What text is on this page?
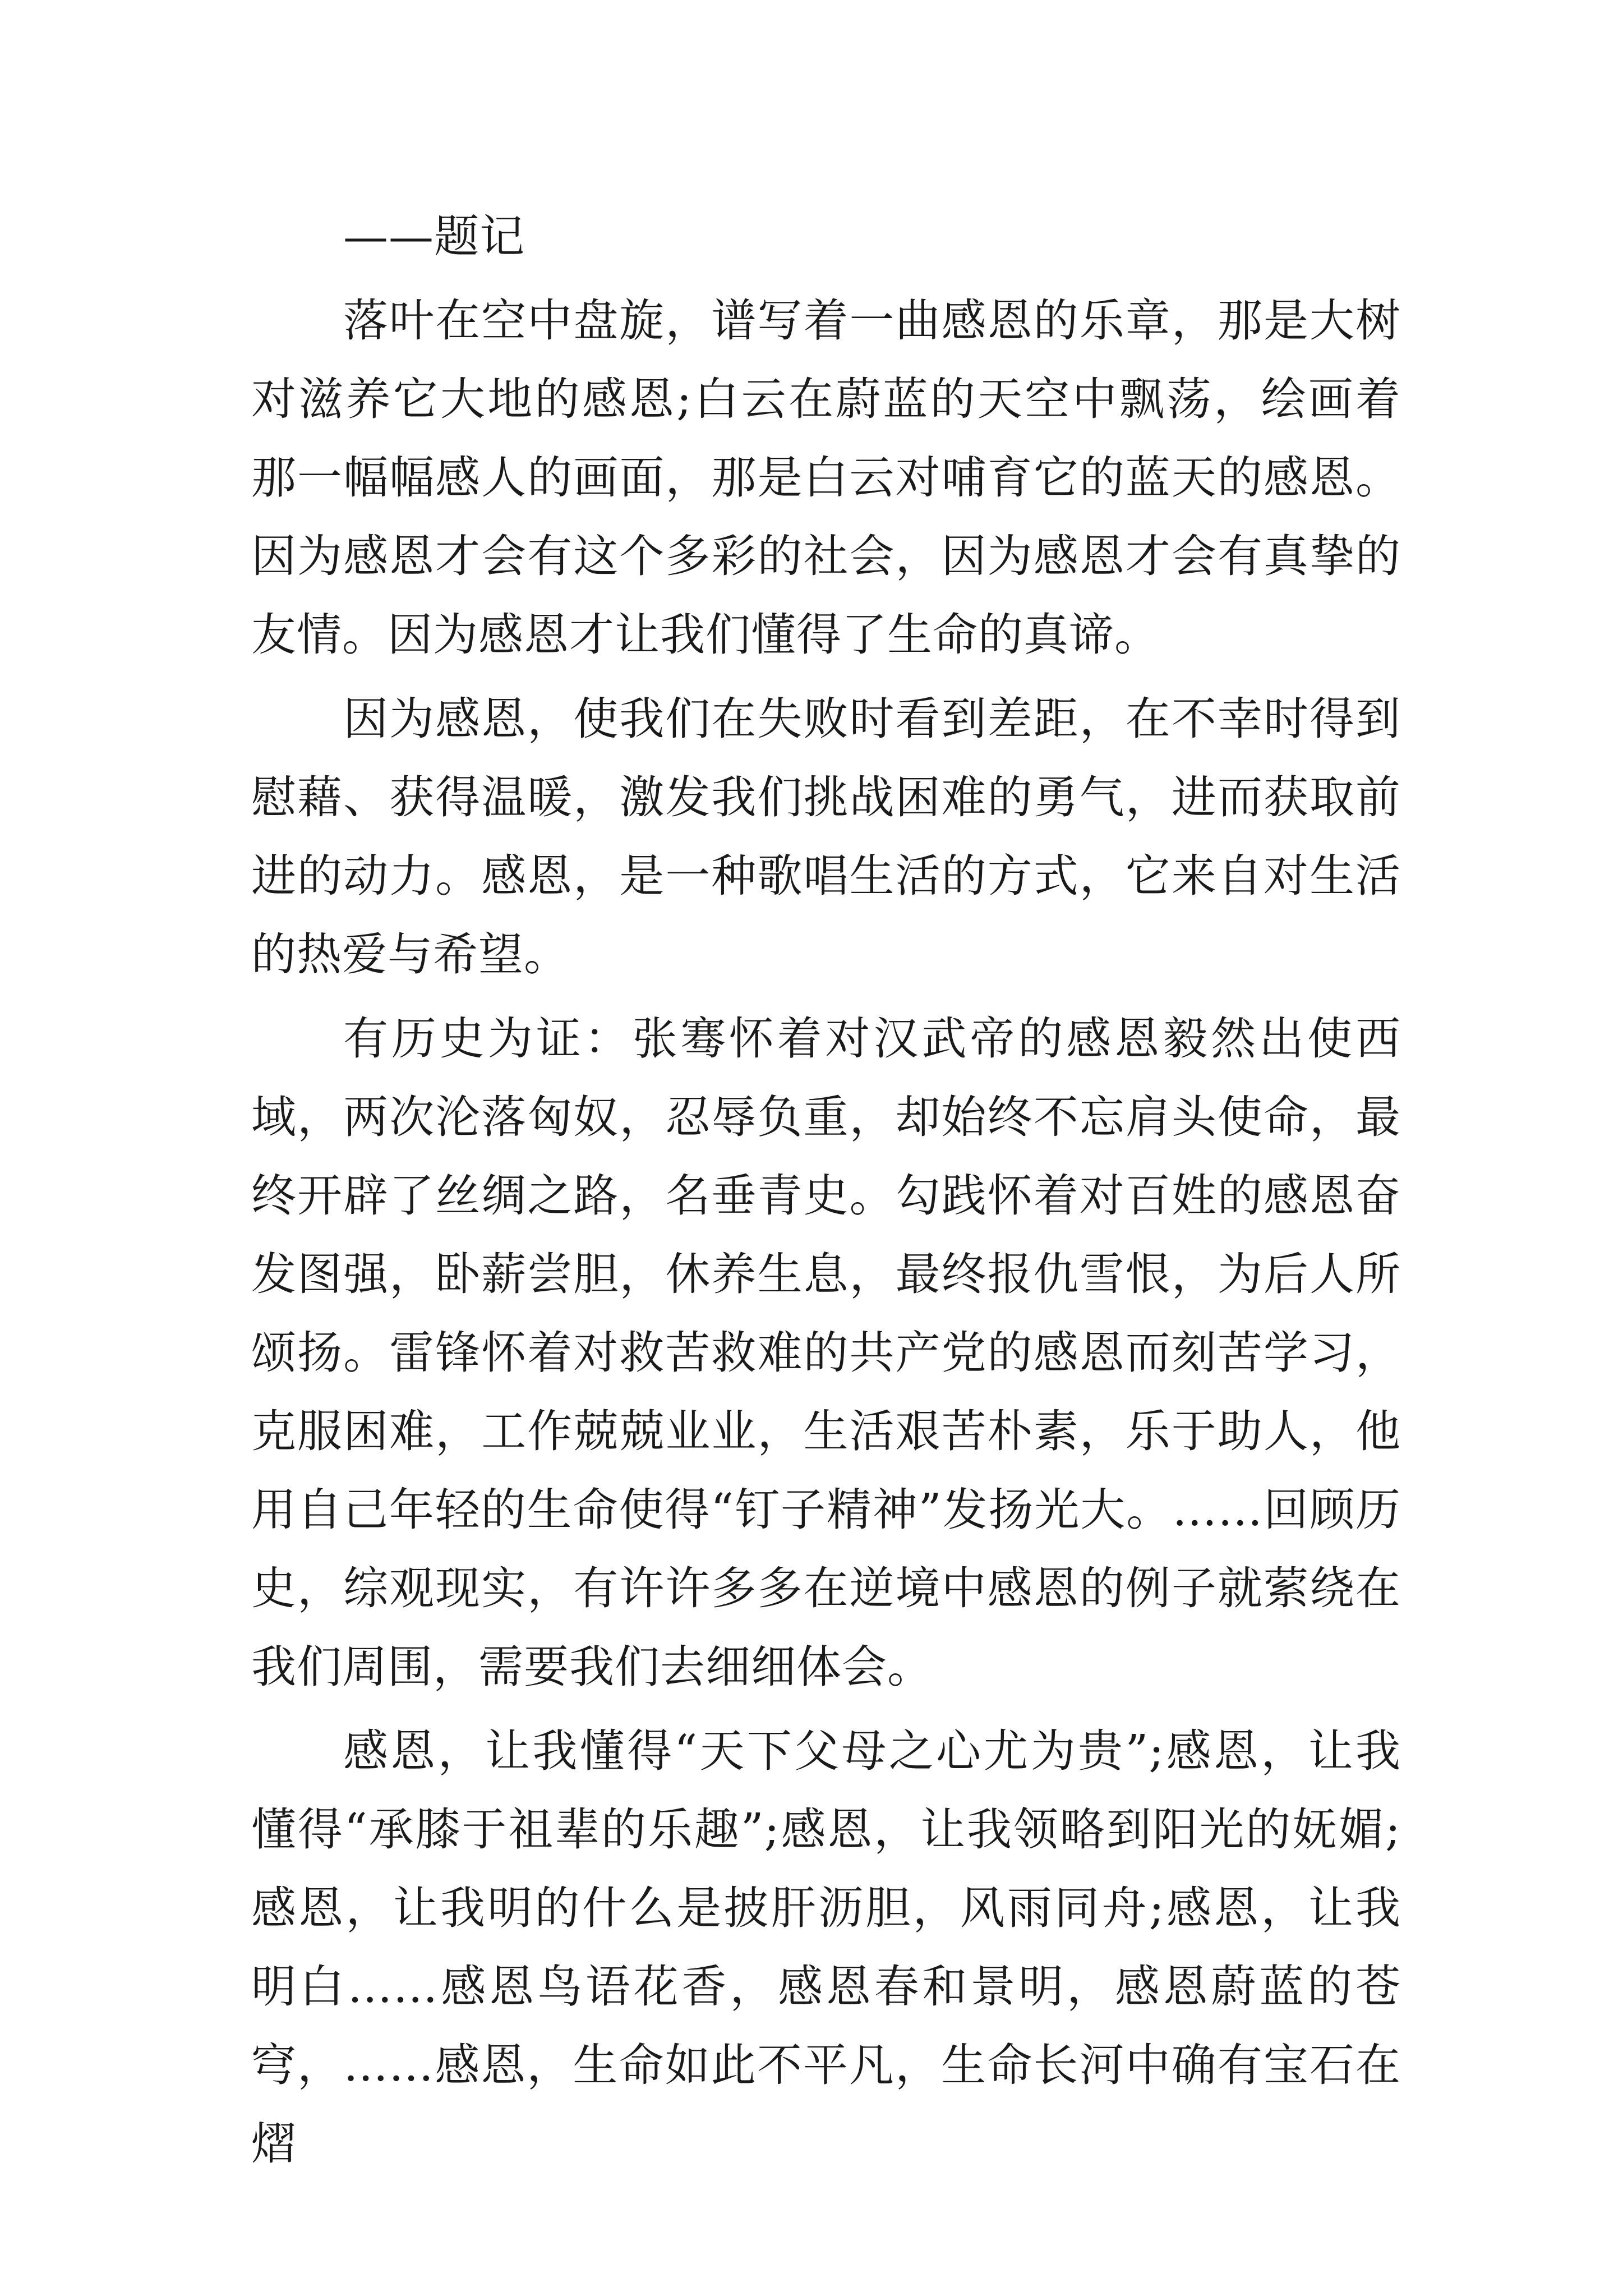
——题记

落叶在空中盘旋，谱写着一曲感恩的乐章，那是大树对滋养它大地的感恩;白云在蔚蓝的天空中飘荡，绘画着那一幅幅感人的画面，那是白云对哺育它的蓝天的感恩。因为感恩才会有这个多彩的社会，因为感恩才会有真挚的友情。因为感恩才让我们懂得了生命的真谛。

因为感恩，使我们在失败时看到差距，在不幸时得到慰藉、获得温暖，激发我们挑战困难的勇气，进而获取前进的动力。感恩，是一种歌唱生活的方式，它来自对生活的热爱与希望。

有历史为证：张骞怀着对汉武帝的感恩毅然出使西域，两次沦落匈奴，忍辱负重，却始终不忘肩头使命，最终开辟了丝绸之路，名垂青史。勾践怀着对百姓的感恩奋发图强，卧薪尝胆，休养生息，最终报仇雪恨，为后人所颂扬。雷锋怀着对救苦救难的共产党的感恩而刻苦学习，克服困难，工作兢兢业业，生活艰苦朴素，乐于助人，他用自己年轻的生命使得“钉子精神”发扬光大。……回顾历史，综观现实，有许许多多在逆境中感恩的例子就萦绕在我们周围，需要我们去细细体会。

感恩，让我懂得“天下父母之心尤为贵”;感恩，让我懂得“承膝于祖辈的乐趣”;感恩，让我领略到阳光的妩媚;感恩，让我明的什么是披肝沥胆，风雨同舟;感恩，让我明白……感恩鸟语花香，感恩春和景明，感恩蔚蓝的苍穹，……感恩，生命如此不平凡，生命长河中确有宝石在熠
